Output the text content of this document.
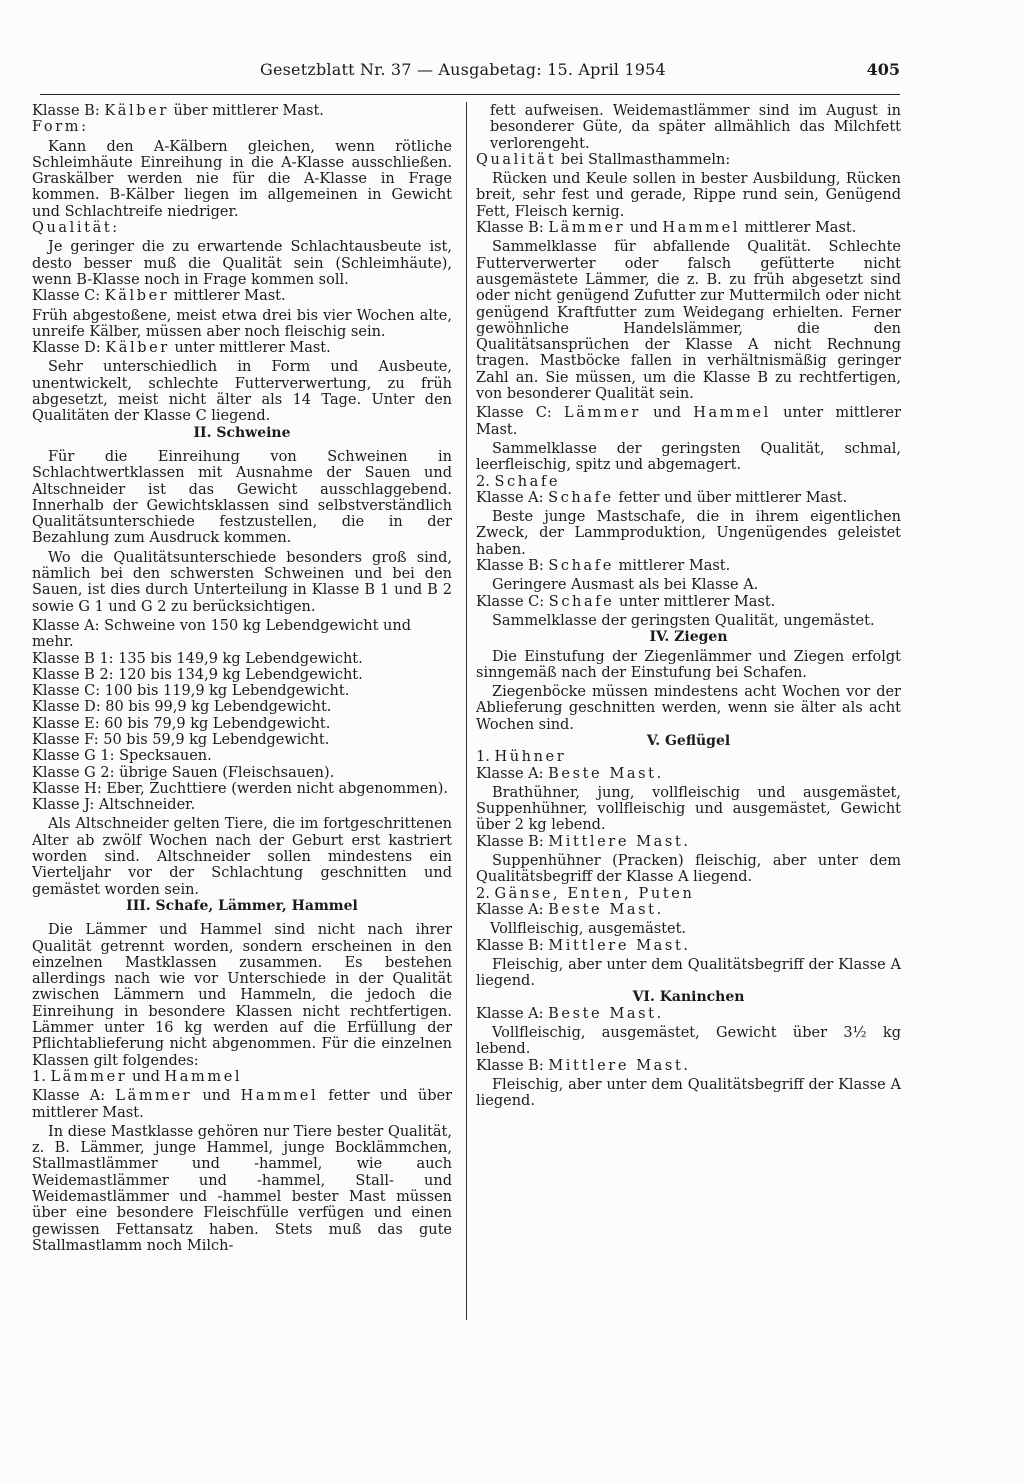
Gesetzblatt Nr. 37 — Ausgabetag: 15. April 1954	405

Klasse B: Kälber über mittlerer Mast.

Form:

Kann den A-Kälbern gleichen, wenn rötliche Schleimhäute Einreihung in die A-Klasse ausschließen. Graskälber werden nie für die A-Klasse in Frage kommen. B-Kälber liegen im allgemeinen in Gewicht und Schlachtreife niedriger.

Qualität:

Je geringer die zu erwartende Schlachtausbeute ist, desto besser muß die Qualität sein (Schleimhäute), wenn B-Klasse noch in Frage kommen soll.

Klasse C: Kälber mittlerer Mast.

Früh abgestoßene, meist etwa drei bis vier Wochen alte, unreife Kälber, müssen aber noch fleischig sein.

Klasse D: Kälber unter mittlerer Mast.

Sehr unterschiedlich in Form und Ausbeute, unentwickelt, schlechte Futterverwertung, zu früh abgesetzt, meist nicht älter als 14 Tage. Unter den Qualitäten der Klasse C liegend.

II. Schweine

Für die Einreihung von Schweinen in Schlachtwertklassen mit Ausnahme der Sauen und Altschneider ist das Gewicht ausschlaggebend. Innerhalb der Gewichtsklassen sind selbstverständlich Qualitätsunterschiede festzustellen, die in der Bezahlung zum Ausdruck kommen.

Wo die Qualitätsunterschiede besonders groß sind, nämlich bei den schwersten Schweinen und bei den Sauen, ist dies durch Unterteilung in Klasse B 1 und B 2 sowie G 1 und G 2 zu berücksichtigen.

Klasse A: Schweine von 150 kg Lebendgewicht und mehr.

Klasse B 1: 135 bis 149,9 kg Lebendgewicht.

Klasse B 2: 120 bis 134,9 kg Lebendgewicht.

Klasse C: 100 bis 119,9 kg Lebendgewicht.

Klasse D: 80 bis 99,9 kg Lebendgewicht.

Klasse E: 60 bis 79,9 kg Lebendgewicht.

Klasse F: 50 bis 59,9 kg Lebendgewicht.

Klasse G 1: Specksauen.

Klasse G 2: übrige Sauen (Fleischsauen).

Klasse H: Eber, Zuchttiere (werden nicht abgenommen).

Klasse J: Altschneider.

Als Altschneider gelten Tiere, die im fortgeschrittenen Alter ab zwölf Wochen nach der Geburt erst kastriert worden sind. Altschneider sollen mindestens ein Vierteljahr vor der Schlachtung geschnitten und gemästet worden sein.

III. Schafe, Lämmer, Hammel

Die Lämmer und Hammel sind nicht nach ihrer Qualität getrennt worden, sondern erscheinen in den einzelnen Mastklassen zusammen. Es bestehen allerdings nach wie vor Unterschiede in der Qualität zwischen Lämmern und Hammeln, die jedoch die Einreihung in besondere Klassen nicht rechtfertigen. Lämmer unter 16 kg werden auf die Erfüllung der Pflichtablieferung nicht abgenommen. Für die einzelnen Klassen gilt folgendes:

1. Lämmer und Hammel

Klasse A: Lämmer und Hammel fetter und über mittlerer Mast.

In diese Mastklasse gehören nur Tiere bester Qualität, z. B. Lämmer, junge Hammel, junge Bocklämmchen, Stallmastlämmer und -hammel, wie auch Weidemastlämmer und -hammel, Stall- und Weidemastlämmer und -hammel bester Mast müssen über eine besondere Fleischfülle verfügen und einen gewissen Fettansatz haben. Stets muß das gute Stallmastlamm noch Milch-

fett aufweisen. Weidemastlämmer sind im August in besonderer Güte, da später allmählich das Milchfett verlorengeht.

Qualität bei Stallmasthammeln:

Rücken und Keule sollen in bester Ausbildung, Rücken breit, sehr fest und gerade, Rippe rund sein, Genügend Fett, Fleisch kernig.

Klasse B: Lämmer und Hammel mittlerer Mast.

Sammelklasse für abfallende Qualität. Schlechte Futterverwerter oder falsch gefütterte nicht ausgemästete Lämmer, die z. B. zu früh abgesetzt sind oder nicht genügend Zufutter zur Muttermilch oder nicht genügend Kraftfutter zum Weidegang erhielten. Ferner gewöhnliche Handelslämmer, die den Qualitätsansprüchen der Klasse A nicht Rechnung tragen. Mastböcke fallen in verhältnismäßig geringer Zahl an. Sie müssen, um die Klasse B zu rechtfertigen, von besonderer Qualität sein.

Klasse C: Lämmer und Hammel unter mittlerer Mast.

Sammelklasse der geringsten Qualität, schmal, leerfleischig, spitz und abgemagert.

2. Schafe

Klasse A: Schafe fetter und über mittlerer Mast.

Beste junge Mastschafe, die in ihrem eigentlichen Zweck, der Lammproduktion, Ungenügendes geleistet haben.

Klasse B: Schafe mittlerer Mast.

Geringere Ausmast als bei Klasse A.

Klasse C: Schafe unter mittlerer Mast.

Sammelklasse der geringsten Qualität, ungemästet.

IV. Ziegen

Die Einstufung der Ziegenlämmer und Ziegen erfolgt sinngemäß nach der Einstufung bei Schafen.

Ziegenböcke müssen mindestens acht Wochen vor der Ablieferung geschnitten werden, wenn sie älter als acht Wochen sind.

V. Geflügel

1. Hühner

Klasse A: Beste Mast.

Brathühner, jung, vollfleischig und ausgemästet, Suppenhühner, vollfleischig und ausgemästet, Gewicht über 2 kg lebend.

Klasse B: Mittlere Mast.

Suppenhühner (Pracken) fleischig, aber unter dem Qualitätsbegriff der Klasse A liegend.

2. Gänse, Enten, Puten

Klasse A: Beste Mast.

Vollfleischig, ausgemästet.

Klasse B: Mittlere Mast.

Fleischig, aber unter dem Qualitätsbegriff der Klasse A liegend.

VI. Kaninchen

Klasse A: Beste Mast.

Vollfleischig, ausgemästet, Gewicht über 3½ kg lebend.

Klasse B: Mittlere Mast.

Fleischig, aber unter dem Qualitätsbegriff der Klasse A liegend.
